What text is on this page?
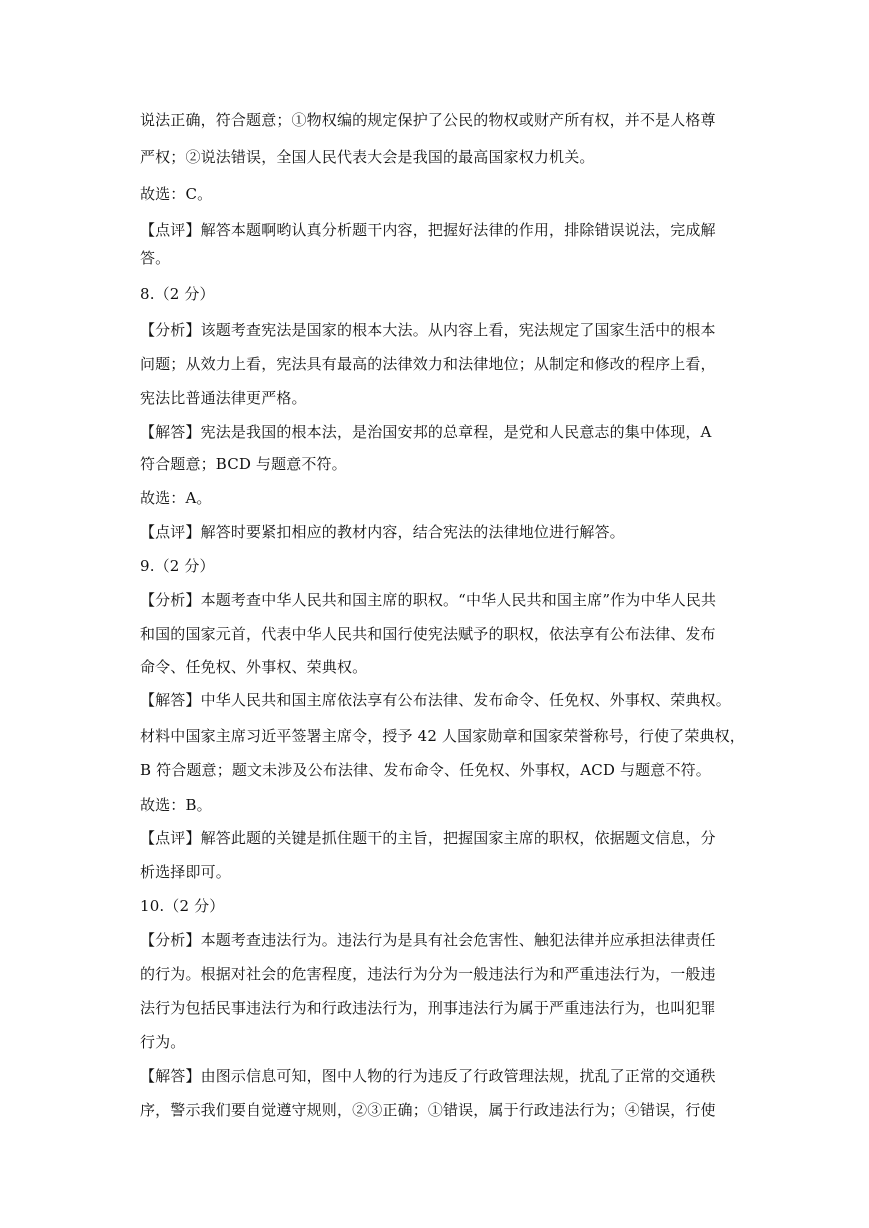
说法正确，符合题意；①物权编的规定保护了公民的物权或财产所有权，并不是人格尊
严权；②说法错误，全国人民代表大会是我国的最高国家权力机关。
故选：C。
【点评】解答本题啊哟认真分析题干内容，把握好法律的作用，排除错误说法，完成解
答。
8.（2 分）
【分析】该题考查宪法是国家的根本大法。从内容上看，宪法规定了国家生活中的根本
问题；从效力上看，宪法具有最高的法律效力和法律地位；从制定和修改的程序上看，
宪法比普通法律更严格。
【解答】宪法是我国的根本法，是治国安邦的总章程，是党和人民意志的集中体现，A
符合题意；BCD 与题意不符。
故选：A。
【点评】解答时要紧扣相应的教材内容，结合宪法的法律地位进行解答。
9.（2 分）
【分析】本题考查中华人民共和国主席的职权。“中华人民共和国主席”作为中华人民共
和国的国家元首，代表中华人民共和国行使宪法赋予的职权，依法享有公布法律、发布
命令、任免权、外事权、荣典权。
【解答】中华人民共和国主席依法享有公布法律、发布命令、任免权、外事权、荣典权。
材料中国家主席习近平签署主席令，授予 42 人国家勋章和国家荣誉称号，行使了荣典权，
B 符合题意；题文未涉及公布法律、发布命令、任免权、外事权，ACD 与题意不符。
故选：B。
【点评】解答此题的关键是抓住题干的主旨，把握国家主席的职权，依据题文信息，分
析选择即可。
10.（2 分）
【分析】本题考查违法行为。违法行为是具有社会危害性、触犯法律并应承担法律责任
的行为。根据对社会的危害程度，违法行为分为一般违法行为和严重违法行为，一般违
法行为包括民事违法行为和行政违法行为，刑事违法行为属于严重违法行为，也叫犯罪
行为。
【解答】由图示信息可知，图中人物的行为违反了行政管理法规，扰乱了正常的交通秩
序，警示我们要自觉遵守规则，②③正确；①错误，属于行政违法行为；④错误，行使
